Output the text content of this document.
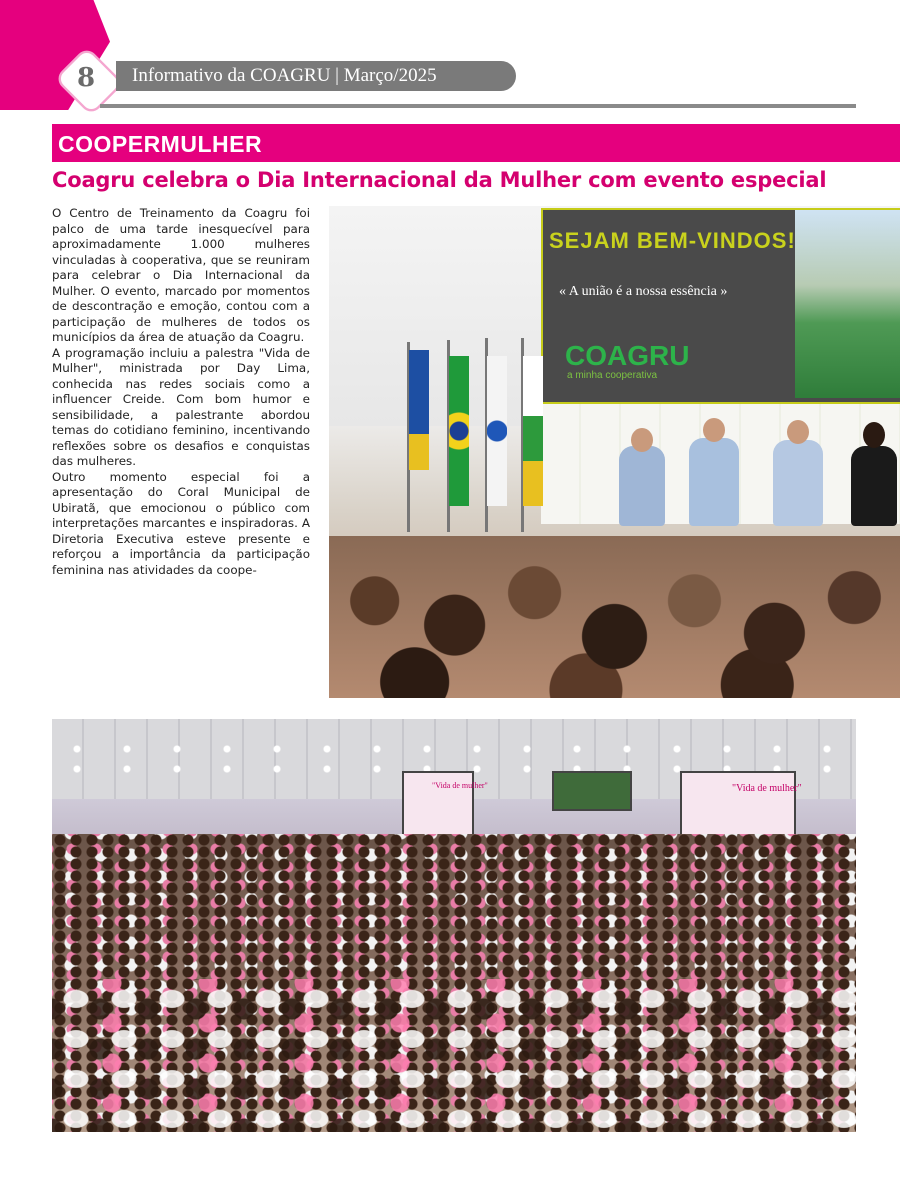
8	Informativo da COAGRU | Março/2025
COOPERMULHER
Coagru celebra o Dia Internacional da Mulher com evento especial

O Centro de Treinamento da Coagru foi palco de uma tarde inesquecível para aproximadamente 1.000 mulheres vinculadas à cooperativa, que se reuniram para celebrar o Dia Internacional da Mulher. O evento, marcado por momentos de descontração e emoção, contou com a participação de mulheres de todos os municípios da área de atuação da Coagru.

A programação incluiu a palestra "Vida de Mulher", ministrada por Day Lima, conhecida nas redes sociais como a influencer Creide. Com bom humor e sensibilidade, a palestrante abordou temas do cotidiano feminino, incentivando reflexões sobre os desafios e conquistas das mulheres.

Outro momento especial foi a apresentação do Coral Municipal de Ubiratã, que emocionou o público com interpretações marcantes e inspiradoras. A Diretoria Executiva esteve presente e reforçou a importância da participação feminina nas atividades da coope-

SEJAM BEM-VINDOS!
« A união é a nossa essência »
COAGRU
a minha cooperativa
"Vida de mulher"	"Vida de mulher"
